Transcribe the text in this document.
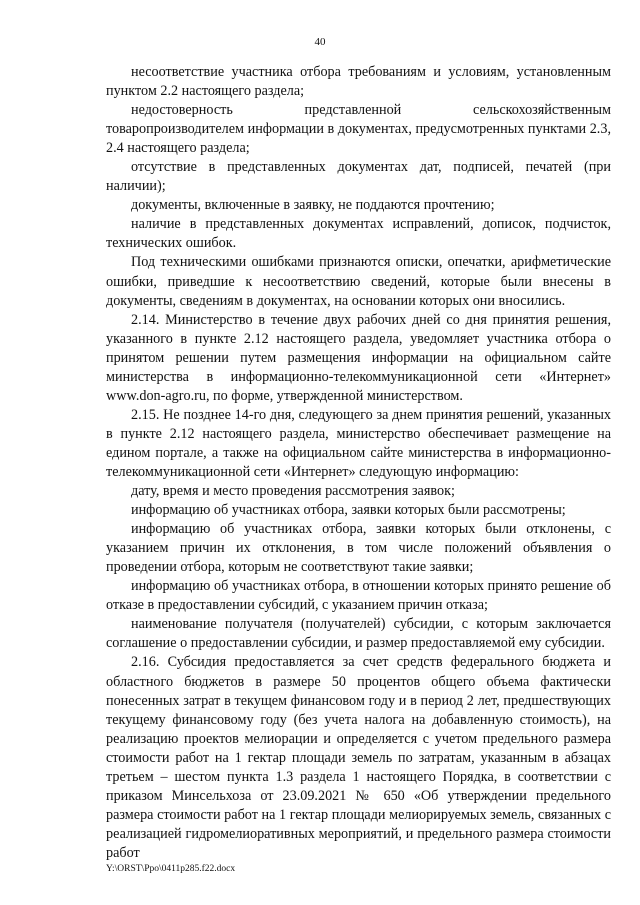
40

несоответствие участника отбора требованиям и условиям, установленным пунктом 2.2 настоящего раздела;

недостоверность представленной сельскохозяйственным товаропроизводителем информации в документах, предусмотренных пунктами 2.3, 2.4 настоящего раздела;

отсутствие в представленных документах дат, подписей, печатей (при наличии);

документы, включенные в заявку, не поддаются прочтению;

наличие в представленных документах исправлений, дописок, подчисток, технических ошибок.

Под техническими ошибками признаются описки, опечатки, арифметические ошибки, приведшие к несоответствию сведений, которые были внесены в документы, сведениям в документах, на основании которых они вносились.

2.14. Министерство в течение двух рабочих дней со дня принятия решения, указанного в пункте 2.12 настоящего раздела, уведомляет участника отбора о принятом решении путем размещения информации на официальном сайте министерства в информационно-телекоммуникационной сети «Интернет» www.don-agro.ru, по форме, утвержденной министерством.

2.15. Не позднее 14-го дня, следующего за днем принятия решений, указанных в пункте 2.12 настоящего раздела, министерство обеспечивает размещение на едином портале, а также на официальном сайте министерства в информационно-телекоммуникационной сети «Интернет» следующую информацию:

дату, время и место проведения рассмотрения заявок;

информацию об участниках отбора, заявки которых были рассмотрены;

информацию об участниках отбора, заявки которых были отклонены, с указанием причин их отклонения, в том числе положений объявления о проведении отбора, которым не соответствуют такие заявки;

информацию об участниках отбора, в отношении которых принято решение об отказе в предоставлении субсидий, с указанием причин отказа;

наименование получателя (получателей) субсидии, с которым заключается соглашение о предоставлении субсидии, и размер предоставляемой ему субсидии.

2.16. Субсидия предоставляется за счет средств федерального бюджета и областного бюджетов в размере 50 процентов общего объема фактически понесенных затрат в текущем финансовом году и в период 2 лет, предшествующих текущему финансовому году (без учета налога на добавленную стоимость), на реализацию проектов мелиорации и определяется с учетом предельного размера стоимости работ на 1 гектар площади земель по затратам, указанным в абзацах третьем – шестом пункта 1.3 раздела 1 настоящего Порядка, в соответствии с приказом Минсельхоза от 23.09.2021 № 650 «Об утверждении предельного размера стоимости работ на 1 гектар площади мелиорируемых земель, связанных с реализацией гидромелиоративных мероприятий, и предельного размера стоимости работ

Y:\ORST\Ppo\0411p285.f22.docx
